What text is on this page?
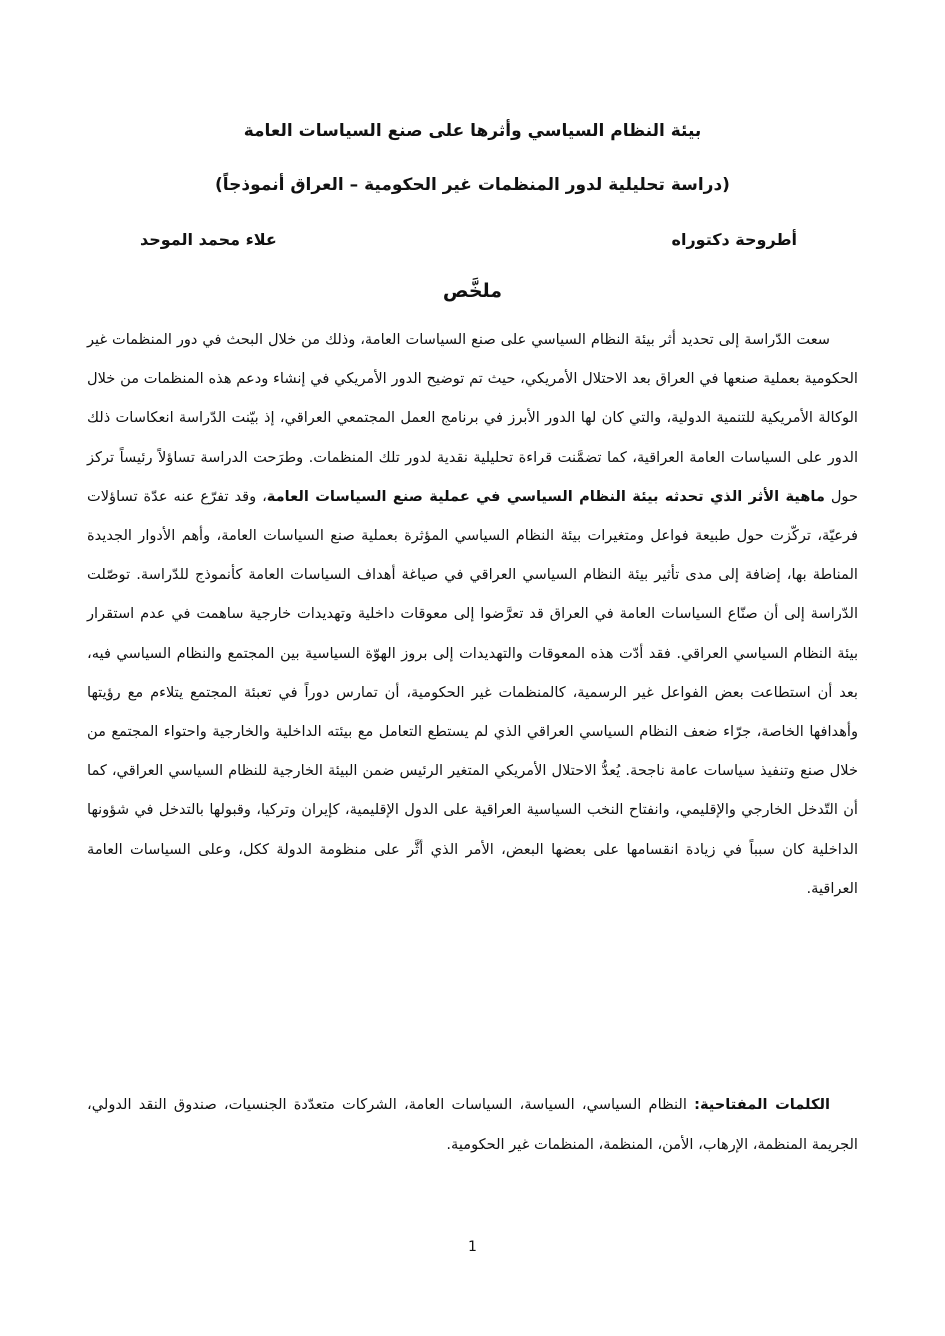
بيئة النظام السياسي وأثرها على صنع السياسات العامة
(دراسة تحليلية لدور المنظمات غير الحكومية – العراق أنموذجاً)
أطروحة دكتوراه
علاء محمد الموحد
ملخَّص

سعت الدّراسة إلى تحديد أثر بيئة النظام السياسي على صنع السياسات العامة، وذلك من خلال البحث في دور المنظمات غير الحكومية بعملية صنعها في العراق بعد الاحتلال الأمريكي، حيث تم توضيح الدور الأمريكي في إنشاء ودعم هذه المنظمات من خلال الوكالة الأمريكية للتنمية الدولية، والتي كان لها الدور الأبرز في برنامج العمل المجتمعي العراقي، إذ بيّنت الدّراسة انعكاسات ذلك الدور على السياسات العامة العراقية، كما تضمَّنت قراءة تحليلية نقدية لدور تلك المنظمات. وطرَحت الدراسة تساؤلاً رئيساً تركز حول ماهية الأثر الذي تحدثه بيئة النظام السياسي في عملية صنع السياسات العامة، وقد تفرّع عنه عدّة تساؤلات فرعيّة، تركّزت حول طبيعة فواعل ومتغيرات بيئة النظام السياسي المؤثرة بعملية صنع السياسات العامة، وأهم الأدوار الجديدة المناطة بها، إضافة إلى مدى تأثير بيئة النظام السياسي العراقي في صياغة أهداف السياسات العامة كأنموذج للدّراسة. توصّلت الدّراسة إلى أن صنّاع السياسات العامة في العراق قد تعرَّضوا إلى معوقات داخلية وتهديدات خارجية ساهمت في عدم استقرار بيئة النظام السياسي العراقي. فقد أدّت هذه المعوقات والتهديدات إلى بروز الهوّة السياسية بين المجتمع والنظام السياسي فيه، بعد أن استطاعت بعض الفواعل غير الرسمية، كالمنظمات غير الحكومية، أن تمارس دوراً في تعبئة المجتمع يتلاءم مع رؤيتها وأهدافها الخاصة، جرّاء ضعف النظام السياسي العراقي الذي لم يستطع التعامل مع بيئته الداخلية والخارجية واحتواء المجتمع من خلال صنع وتنفيذ سياسات عامة ناجحة. يُعدُّ الاحتلال الأمريكي المتغير الرئيس ضمن البيئة الخارجية للنظام السياسي العراقي، كما أن التّدخل الخارجي والإقليمي، وانفتاح النخب السياسية العراقية على الدول الإقليمية، كإيران وتركيا، وقبولها بالتدخل في شؤونها الداخلية كان سبباً في زيادة انقسامها على بعضها البعض، الأمر الذي أثَّر على منظومة الدولة ككل، وعلى السياسات العامة العراقية.

الكلمات المفتاحية: النظام السياسي، السياسة، السياسات العامة، الشركات متعدّدة الجنسيات، صندوق النقد الدولي، الجريمة المنظمة، الإرهاب، الأمن، المنظمة، المنظمات غير الحكومية.

1
